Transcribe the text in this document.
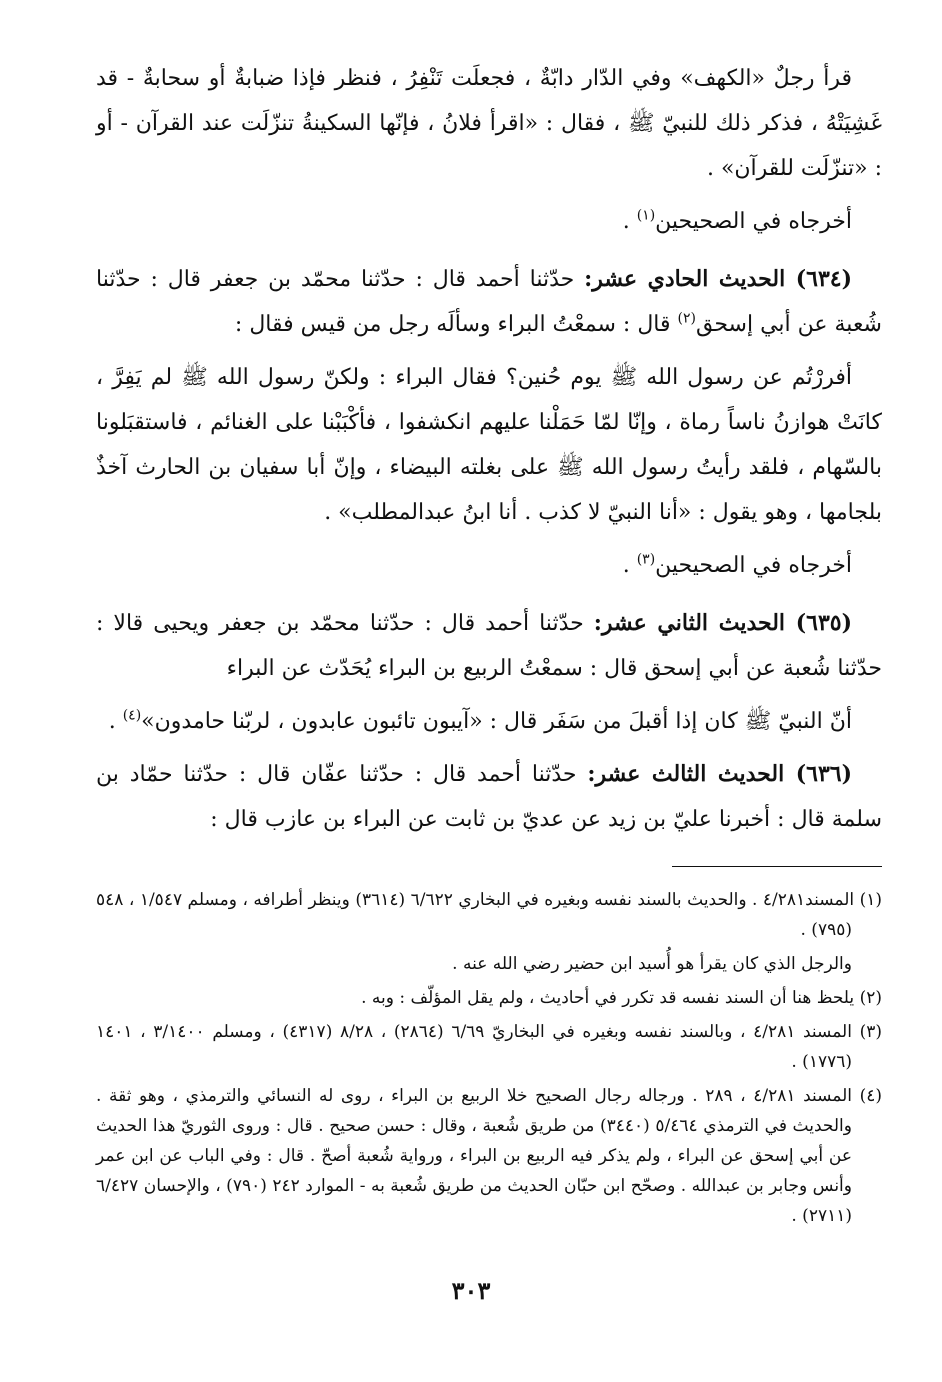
قرأ رجلٌ «الكهف» وفي الدّار دابّةٌ ، فجعلَت تَنْفِرُ ، فنظر فإذا ضبابةٌ أو سحابةٌ - قد غَشِيَتْهُ ، فذكر ذلك للنبيّ ﷺ ، فقال : «اقرأ فلانُ ، فإنّها السكينةُ تنزّلَت عند القرآن - أو : «تنزّلَت للقرآن» .

أخرجاه في الصحيحين$^{(١)}$ .

(٦٣٤) الحديث الحادي عشر: حدّثنا أحمد قال : حدّثنا محمّد بن جعفر قال : حدّثنا شُعبة عن أبي إسحق$^{(٢)}$ قال : سمعْتُ البراء وسألَه رجل من قيس فقال :

أفررْتُم عن رسول الله ﷺ يوم حُنين؟ فقال البراء : ولكنّ رسول الله ﷺ لم يَفِرَّ ، كانَتْ هوازنُ ناساً رماة ، وإنّا لمّا حَمَلْنا عليهم انكشفوا ، فأكْبَبْنا على الغنائم ، فاستقبَلونا بالسّهام ، فلقد رأيتُ رسول الله ﷺ على بغلته البيضاء ، وإنّ أبا سفيان بن الحارث آخذٌ بلجامها ، وهو يقول : «أنا النبيّ لا كذب . أنا ابنُ عبدالمطلب» .

أخرجاه في الصحيحين$^{(٣)}$ .

(٦٣٥) الحديث الثاني عشر: حدّثنا أحمد قال : حدّثنا محمّد بن جعفر ويحيى قالا : حدّثنا شُعبة عن أبي إسحق قال : سمعْتُ الربيع بن البراء يُحَدّث عن البراء

أنّ النبيّ ﷺ كان إذا أقبلَ من سَفَر قال : «آيبون تائبون عابدون ، لربّنا حامدون»$^{(٤)}$ .

(٦٣٦) الحديث الثالث عشر: حدّثنا أحمد قال : حدّثنا عفّان قال : حدّثنا حمّاد بن سلمة قال : أخبرنا عليّ بن زيد عن عديّ بن ثابت عن البراء بن عازب قال :

(١) المسند٤/٢٨١ . والحديث بالسند نفسه وبغيره في البخاري ٦/٦٢٢ (٣٦١٤) وينظر أطرافه ، ومسلم ١/٥٤٧ ، ٥٤٨ (٧٩٥) .

والرجل الذي كان يقرأ هو أُسيد ابن حضير رضي الله عنه .

(٢) يلحظ هنا أن السند نفسه قد تكرر في أحاديث ، ولم يقل المؤلّف : وبه .

(٣) المسند ٤/٢٨١ ، وبالسند نفسه وبغيره في البخاريّ ٦/٦٩ (٢٨٦٤) ، ٨/٢٨ (٤٣١٧) ، ومسلم ٣/١٤٠٠ ، ١٤٠١ (١٧٧٦) .

(٤) المسند ٤/٢٨١ ، ٢٨٩ . ورجاله رجال الصحيح خلا الربيع بن البراء ، روى له النسائي والترمذي ، وهو ثقة . والحديث في الترمذي ٥/٤٦٤ (٣٤٤٠) من طريق شُعبة ، وقال : حسن صحيح . قال : وروى الثوريّ هذا الحديث عن أبي إسحق عن البراء ، ولم يذكر فيه الربيع بن البراء ، ورواية شُعبة أصحّ . قال : وفي الباب عن ابن عمر وأنس وجابر بن عبدالله . وصحّح ابن حبّان الحديث من طريق شُعبة به - الموارد ٢٤٢ (٧٩٠) ، والإحسان ٦/٤٢٧ (٢٧١١) .

٣٠٣
